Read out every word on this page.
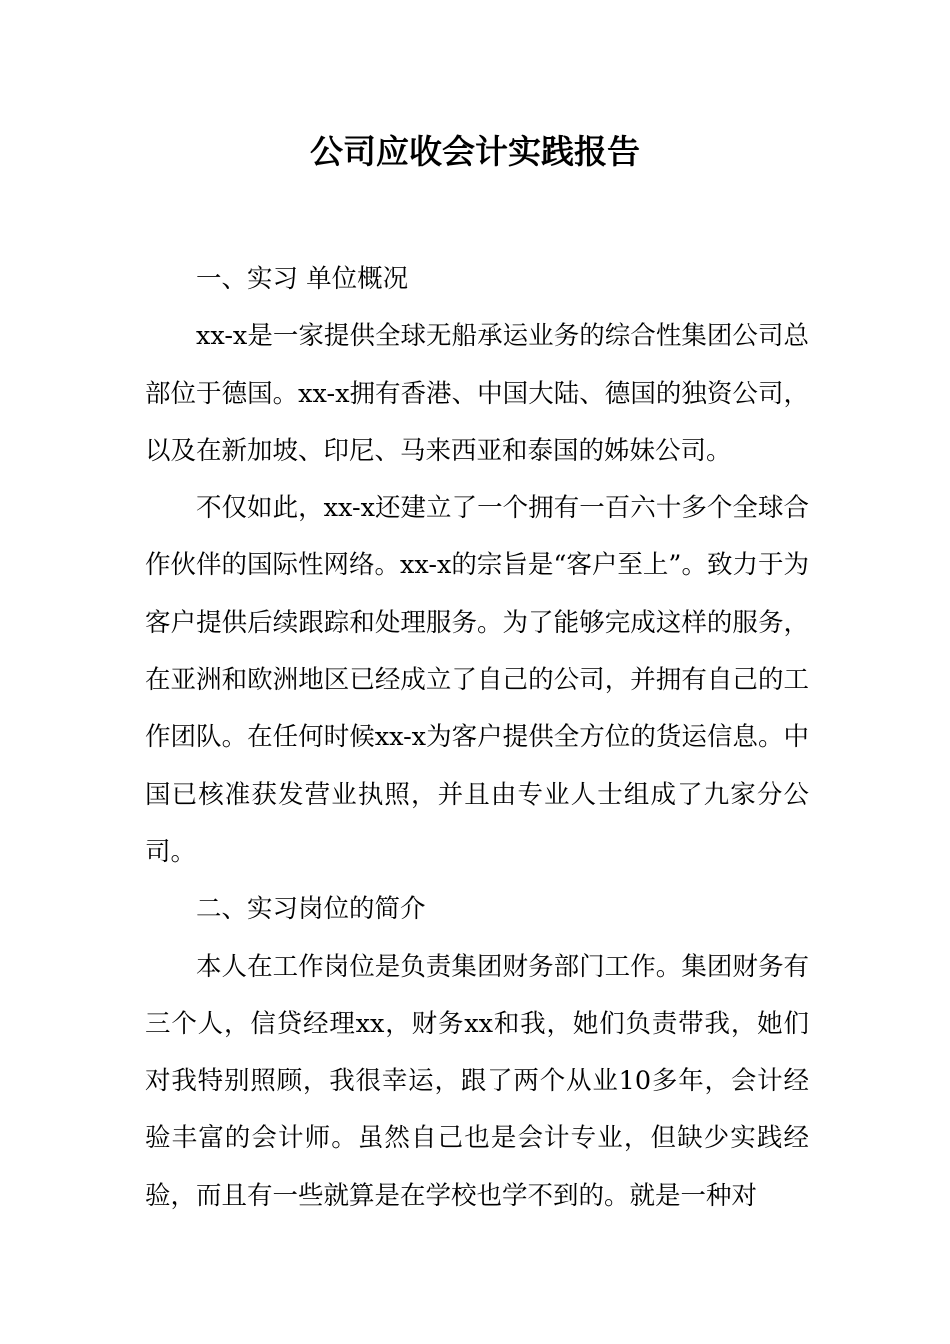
公司应收会计实践报告

一、实习 单位概况

xx-x是一家提供全球无船承运业务的综合性集团公司总部位于德国。xx-x拥有香港、中国大陆、德国的独资公司，以及在新加坡、印尼、马来西亚和泰国的姊妹公司。

不仅如此，xx-x还建立了一个拥有一百六十多个全球合作伙伴的国际性网络。xx-x的宗旨是“客户至上”。致力于为客户提供后续跟踪和处理服务。为了能够完成这样的服务，在亚洲和欧洲地区已经成立了自己的公司，并拥有自己的工作团队。在任何时候xx-x为客户提供全方位的货运信息。中国已核准获发营业执照，并且由专业人士组成了九家分公司。

二、实习岗位的简介

本人在工作岗位是负责集团财务部门工作。集团财务有三个人，信贷经理xx，财务xx和我，她们负责带我，她们对我特别照顾，我很幸运，跟了两个从业10多年，会计经验丰富的会计师。虽然自己也是会计专业，但缺少实践经验，而且有一些就算是在学校也学不到的。就是一种对
